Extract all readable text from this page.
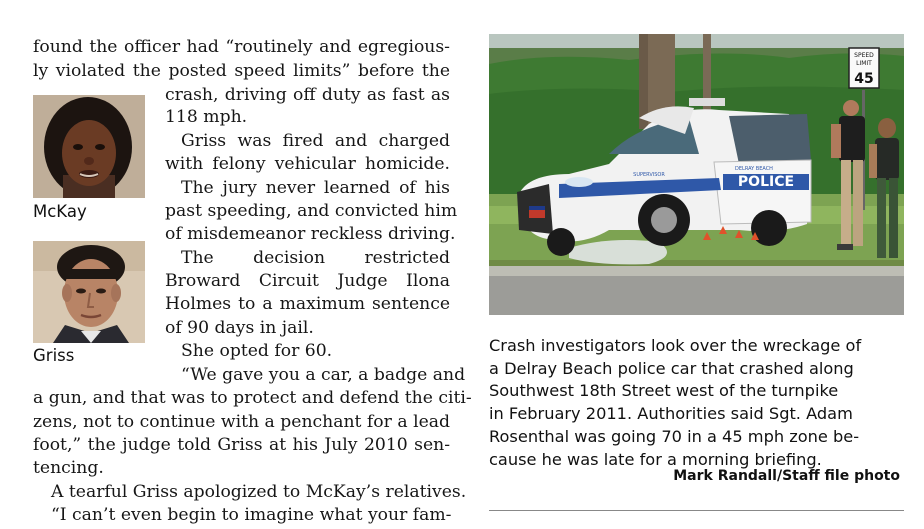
found the officer had “routinely and egregious-
ly violated the posted speed limits” before the
crash, driving off duty as fast as
118 mph.
Griss was fired and charged
with felony vehicular homicide.
The jury never learned of his
past speeding, and convicted him
of misdemeanor reckless driving.
The decision restricted
Broward Circuit Judge Ilona
Holmes to a maximum sentence
of 90 days in jail.
She opted for 60.
“We gave you a car, a badge and
a gun, and that was to protect and defend the citi-
zens, not to continue with a penchant for a lead
foot,” the judge told Griss at his July 2010 sen-
tencing.
A tearful Griss apologized to McKay’s relatives.
“I can’t even begin to imagine what your fam-
McKay
Griss
SPEED
LIMIT
45
POLICE
DELRAY BEACH
SUPERVISOR
Crash investigators look over the wreckage of
a Delray Beach police car that crashed along
Southwest 18th Street west of the turnpike
in February 2011. Authorities said Sgt. Adam
Rosenthal was going 70 in a 45 mph zone be-
cause he was late for a morning briefing.
Mark Randall/Staff file photo
